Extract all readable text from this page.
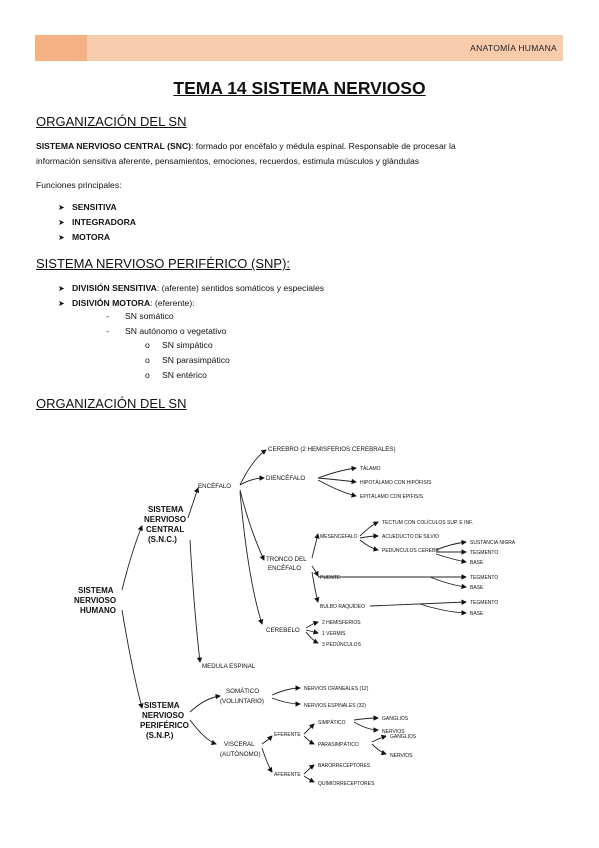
ANATOMÍA HUMANA
TEMA 14 SISTEMA NERVIOSO
ORGANIZACIÓN DEL SN
SISTEMA NERVIOSO CENTRAL (SNC): formado por encéfalo y médula espinal. Responsable de procesar la
información sensitiva aferente, pensamientos, emociones, recuerdos, estimula músculos y glándulas
Funciones principales:
➤ SENSITIVA
➤ INTEGRADORA
➤ MOTORA
SISTEMA NERVIOSO PERIFÉRICO (SNP):
➤ DIVISIÓN SENSITIVA: (aferente) sentidos somáticos y especiales
➤ DISIVIÓN MOTORA: (eferente):
- SN somático
- SN autónomo o vegetativo
o SN simpático
o SN parasimpático
o SN entérico
ORGANIZACIÓN DEL SN
SISTEMA
NERVIOSO
HUMANO
SISTEMA
NERVIOSO
CENTRAL
(S.N.C.)
SISTEMA
NERVIOSO
PERIFÉRICO
(S.N.P.)
ENCÉFALO
MEDULA ESPINAL
CEREBRO (2 HEMISFERIOS CEREBRALES)
DIENCÉFALO
TÁLAMO
HIPOTÁLAMO CON HIPÓFISIS
EPITÁLAMO CON EPÍFISIS
TRONCO DEL
ENCÉFALO
MESENCÉFALO
TECTUM CON COLÍCULOS SUP. E INF.
ACUEDUCTO DE SILVIO
PEDÚNCULOS CEREBR.
SUSTANCIA NIGRA
TEGMENTO
BASE
PUENTE	TEGMENTO
BASE
BULBO RAQUÍDEO
TEGMENTO
BASE
CEREBELO
2 HEMISFERIOS
1 VERMIS
3 PEDÚNCULOS
SOMÁTICO
(VOLUNTARIO)
NERVIOS CRANEALES (12)
NERVIOS ESPINALES (32)
VISCERAL
(AUTÓNOMO)
EFERENTE
AFERENTE
SIMPÁTICO
PARASIMPÁTICO
GANGLIOS
NERVIOS
GANGLIOS
NERVIOS
BARORRECEPTORES
QUIMIORRECEPTORES
